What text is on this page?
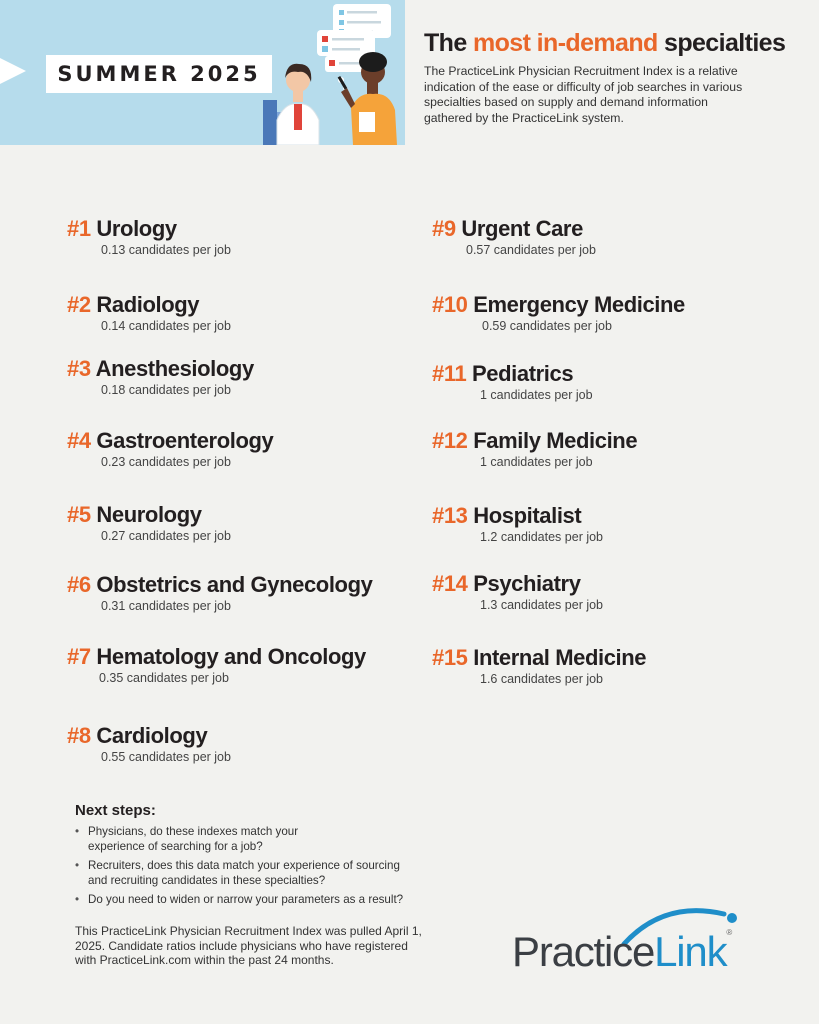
SUMMER 2025
The most in-demand specialties

The PracticeLink Physician Recruitment Index is a relative indication of the ease or difficulty of job searches in various specialties based on supply and demand information gathered by the PracticeLink system.

#1 Urology
0.13 candidates per job
#2 Radiology
0.14 candidates per job
#3 Anesthesiology
0.18 candidates per job
#4 Gastroenterology
0.23 candidates per job
#5 Neurology
0.27 candidates per job
#6 Obstetrics and Gynecology
0.31 candidates per job
#7 Hematology and Oncology
0.35 candidates per job
#8 Cardiology
0.55 candidates per job
#9 Urgent Care
0.57 candidates per job
#10 Emergency Medicine
0.59 candidates per job
#11 Pediatrics
1 candidates per job
#12 Family Medicine
1 candidates per job
#13 Hospitalist
1.2 candidates per job
#14 Psychiatry
1.3 candidates per job
#15 Internal Medicine
1.6 candidates per job
Next steps:
• Physicians, do these indexes match your experience of searching for a job?
• Recruiters, does this data match your experience of sourcing and recruiting candidates in these specialties?
• Do you need to widen or narrow your parameters as a result?
This PracticeLink Physician Recruitment Index was pulled April 1, 2025. Candidate ratios include physicians who have registered with PracticeLink.com within the past 24 months.	PracticeLink®
